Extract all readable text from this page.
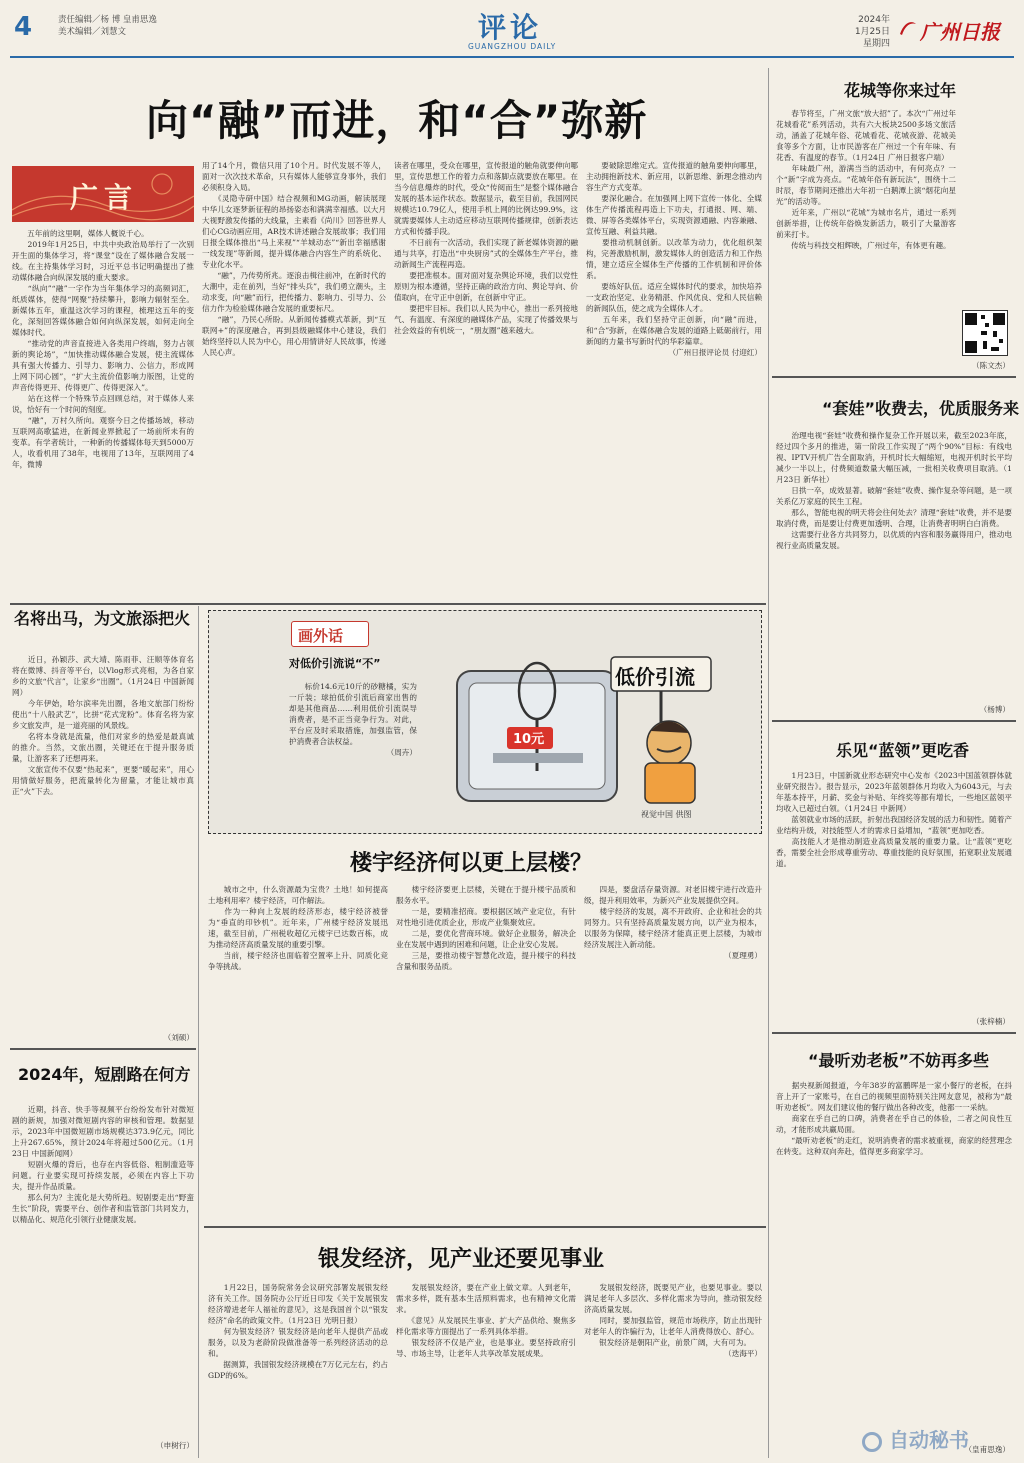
4	责任编辑／杨 博 皇甫思逸
美术编辑／刘慧文	评论
GUANGZHOU DAILY
2024年
1月25日
星期四 广州日报
向“融”而进，和“合”弥新
广言
　　五年前的这里啊，媒体人概说千心。
　　2019年1月25日，中共中央政治局举行了一次别开生面的集体学习，将“课堂”设在了媒体融合发展一线。在主持集体学习时，习近平总书记明确提出了推动媒体融合向纵深发展的重大要求。
　　“纵向”“融”一字作为当年集体学习的高频词汇，纸质媒体，使得“网聚”持续攀升，影响力辐射至全。新媒体五年，重温这次学习的课程，梳理这五年的变化，深刻回答媒体融合如何向纵深发展，如何走向全媒体时代。
　　“推动党的声音直接进入各类用户终端，努力占领新的舆论场”，“加快推动媒体融合发展，使主流媒体具有强大传播力、引导力、影响力、公信力，形成网上网下同心圆”，“扩大主流价值影响力版图，让党的声音传得更开、传得更广、传得更深入”。
　　站在这样一个特殊节点回顾总结，对于媒体人来说，恰好有一个时间的刻度。
　　“融”，万村久所向。观察今日之传播场域，移动互联网高歌猛进，在新闻业界掀起了一场前所未有的变革。有学者统计，一种新的传播媒体每天到5000万人，收看机用了38年，电视用了13年，互联网用了4年，微博
用了14个月，微信只用了10个月。时代发展不等人，面对一次次技术革命，只有媒体人能够宣身事外，我们必须积身入局。
　　《灵隐寺研中国》结合视频和MG动画，解读展现中华儿女逐梦新征程的昂扬姿态和满满幸福感。以大月大视野激发传播的大线量，主素看《尚川》回答世界人们心CG动画应用，AR技术讲述融合发展故事；我们用日报全媒体推出“马上来视”“羊城动态”“新出幸福感谢一线发现”等新闻，提升媒体融合内容生产的系统化、专业化水平。
　　“融”，乃传势所兆。逐浪击楫往前冲，在新时代的大潮中，走在前列，当好“排头兵”，我们勇立潮头，主动求变，向“融”而行，把传播力、影响力、引导力、公信力作为检验媒体融合发展的重要标尺。
　　“融”，乃民心所盼。从新闻传播模式革新，到“互联网+”的深度融合，再到县级融媒体中心建设，我们始终坚持以人民为中心，用心用情讲好人民故事，传递人民心声。
读者在哪里，受众在哪里，宣传报道的触角就要伸向哪里，宣传思想工作的着力点和落脚点就要放在哪里。在当今信息爆炸的时代，受众“传阅而生”是整个媒体融合发展的基本运作状态。数据显示，截至目前，我国网民规模达10.79亿人，使用手机上网的比例达99.9%，这就需要媒体人主动适应移动互联网传播规律，创新表达方式和传播手段。
　　不日前有一次活动，我们实现了新老媒体资源的融通与共享，打造出“中央厨房”式的全媒体生产平台，推动新闻生产流程再造。
　　要把准根本。面对面对复杂舆论环境，我们以党性原则为根本遵循，坚持正确的政治方向、舆论导向、价值取向，在守正中创新，在创新中守正。
　　要把牢目标。我们以人民为中心，推出一系列接地气、有温度、有深度的融媒体产品，实现了传播效果与社会效益的有机统一，“朋友圈”越来越大。
　　要破除思维定式。宣传报道的触角要伸向哪里，主动拥抱新技术、新应用，以新思维、新理念推动内容生产方式变革。
　　要深化融合。在加强网上网下宣传一体化、全媒体生产传播流程再造上下功夫，打通报、网、端、微、屏等各类媒体平台，实现资源通融、内容兼融、宣传互融、利益共融。
　　要推动机制创新。以改革为动力，优化组织架构，完善激励机制，激发媒体人的创造活力和工作热情，建立适应全媒体生产传播的工作机制和评价体系。
　　要练好队伍。适应全媒体时代的要求，加快培养一支政治坚定、业务精湛、作风优良、党和人民信赖的新闻队伍，使之成为全媒体人才。
　　五年来，我们坚持守正创新，向“融”而进，和“合”弥新，在媒体融合发展的道路上砥砺前行，用新闻的力量书写新时代的华彩篇章。
（广州日报评论员 付迎红）
花城等你来过年
　　春节将至，广州文旅“放大招”了。本次“广州过年 花城看花”系列活动，共有六大板块2500多场文旅活动，涵盖了花城年俗、花城看花、花城夜游、花城美食等多个方面，让市民游客在广州过一个有年味、有花香、有温度的春节。（1月24日 广州日报客户端）
　　年味最广州，游满当当的活动中，有何亮点？一个“新”字成为亮点。“花城年俗有新玩法”，围绕十二时辰，春节期间还推出大年初一白鹅潭上演“烟花向星光”的活动等。
　　近年来，广州以“花城”为城市名片，通过一系列创新举措，让传统年俗焕发新活力，吸引了大量游客前来打卡。
　　传统与科技交相辉映，广州过年，有体更有趣。
（陈文杰）
“套娃”收费去，优质服务来
　　治理电视“套娃”收费和操作复杂工作开展以来，截至2023年底，经过四个多月的推进，第一阶段工作实现了“两个90%”目标：有线电视、IPTV开机广告全面取消，开机时长大幅缩短，电视开机时长平均减少一半以上，付费频道数量大幅压减，一批相关收费项目取消。（1月23日 新华社）
　　日拱一卒，成效显著。破解“套娃”收费、操作复杂等问题，是一项关系亿万家庭的民生工程。
　　那么，智能电视的明天将会往何处去？清理“套娃”收费，并不是要取消付费，而是要让付费更加透明、合理，让消费者明明白白消费。
　　这需要行业各方共同努力，以优质的内容和服务赢得用户，推动电视行业高质量发展。
（杨博）
乐见“蓝领”更吃香
　　1月23日，中国新就业形态研究中心发布《2023中国蓝领群体就业研究报告》。报告显示，2023年蓝领群体月均收入为6043元，与去年基本持平，月薪、奖金与补贴、年终奖等都有增长，一些地区蓝领平均收入已超过白领。（1月24日 中新网）
　　蓝领就业市场的活跃，折射出我国经济发展的活力和韧性。随着产业结构升级，对技能型人才的需求日益增加，“蓝领”更加吃香。
　　高技能人才是推动制造业高质量发展的重要力量。让“蓝领”更吃香，需要全社会形成尊重劳动、尊重技能的良好氛围，拓宽职业发展通道。
（张梓楠）
“最听劝老板”不妨再多些
　　据央视新闻报道，今年38岁的富鹏晖是一家小餐厅的老板，在抖音上开了一家账号，在自己的视频里面特别关注网友意见，被称为“最听劝老板”。网友们建议他的餐厅做出各种改变，他都一一采纳。
　　商家在乎自己的口碑，消费者在乎自己的体验，二者之间良性互动，才能形成共赢局面。
　　“最听劝老板”的走红，说明消费者的需求被重视，商家的经营理念在转变。这种双向奔赴，值得更多商家学习。
（皇甫思逸）
名将出马，为文旅添把火
　　近日，孙颖莎、武大靖、陈雨菲、汪顺等体育名将在微博、抖音等平台，以Vlog形式亮相，为各自家乡的文旅“代言”，让家乡“出圈”。（1月24日 中国新闻网）
　　今年伊始，哈尔滨率先出圈，各地文旅部门纷纷使出“十八般武艺”，比拼“花式宠粉”。体育名将为家乡文旅发声，是一道亮丽的风景线。
　　名将本身就是流量，他们对家乡的热爱是最真诚的推介。当然，文旅出圈，关键还在于提升服务质量，让游客来了还想再来。
　　文旅宣传不仅要“热起来”，更要“暖起来”，用心用情做好服务，把流量转化为留量，才能让城市真正“火”下去。
（刘硕）
2024年，短剧路在何方
　　近期，抖音、快手等视频平台纷纷发布针对微短剧的新规，加强对微短剧内容的审核和管理。数据显示，2023年中国微短剧市场规模达373.9亿元，同比上升267.65%，预计2024年将超过500亿元。（1月23日 中国新闻网）
　　短剧火爆的背后，也存在内容低俗、粗制滥造等问题。行业要实现可持续发展，必须在内容上下功夫，提升作品质量。
　　那么何为？主流化是大势所趋。短剧要走出“野蛮生长”阶段，需要平台、创作者和监管部门共同发力，以精品化、规范化引领行业健康发展。
（申树行）
画外话
对低价引流说“不”
　　标价14.6元10斤的砂糖橘，实为一斤装；球拍低价引流后商家出售的却是其他商品……利用低价引流误导消费者，是不正当竞争行为。对此，平台应及时采取措施，加强监管，保护消费者合法权益。
（周卉）
低价引流
10元
视觉中国 供图
楼宇经济何以更上层楼？
　　城市之中，什么资源最为宝贵？土地！如何提高土地利用率？楼宇经济，可作解法。
　　作为一种向上发展的经济形态，楼宇经济被誉为“垂直的印钞机”。近年来，广州楼宇经济发展迅速，截至目前，广州税收超亿元楼宇已达数百栋，成为推动经济高质量发展的重要引擎。
　　当前，楼宇经济也面临着空置率上升、同质化竞争等挑战。
　　楼宇经济要更上层楼，关键在于提升楼宇品质和服务水平。
　　一是，要精准招商。要根据区域产业定位，有针对性地引进优质企业，形成产业集聚效应。
　　二是，要优化营商环境。做好企业服务，解决企业在发展中遇到的困难和问题，让企业安心发展。
　　三是，要推动楼宇智慧化改造，提升楼宇的科技含量和服务品质。
　　四是，要盘活存量资源。对老旧楼宇进行改造升级，提升利用效率，为新兴产业发展提供空间。
　　楼宇经济的发展，离不开政府、企业和社会的共同努力。只有坚持高质量发展方向，以产业为根本，以服务为保障，楼宇经济才能真正更上层楼，为城市经济发展注入新动能。
（夏理勇）
银发经济，见产业还要见事业
　　1月22日，国务院常务会议研究部署发展银发经济有关工作。国务院办公厅近日印发《关于发展银发经济增进老年人福祉的意见》，这是我国首个以“银发经济”命名的政策文件。（1月23日 光明日报）
　　何为银发经济？银发经济是向老年人提供产品或服务，以及为老龄阶段做准备等一系列经济活动的总和。
　　据测算，我国银发经济规模在7万亿元左右，约占GDP的6%。
　　发展银发经济，要在产业上做文章。人到老年，需求多样，既有基本生活照料需求，也有精神文化需求。
　　《意见》从发展民生事业、扩大产品供给、聚焦多样化需求等方面提出了一系列具体举措。
　　银发经济不仅是产业，也是事业。要坚持政府引导、市场主导，让老年人共享改革发展成果。
　　发展银发经济，既要见产业，也要见事业。要以满足老年人多层次、多样化需求为导向，推动银发经济高质量发展。
　　同时，要加强监管，规范市场秩序，防止出现针对老年人的诈骗行为，让老年人消费得放心、舒心。
　　银发经济是朝阳产业，前景广阔，大有可为。
（迭海平）
自动秘书
